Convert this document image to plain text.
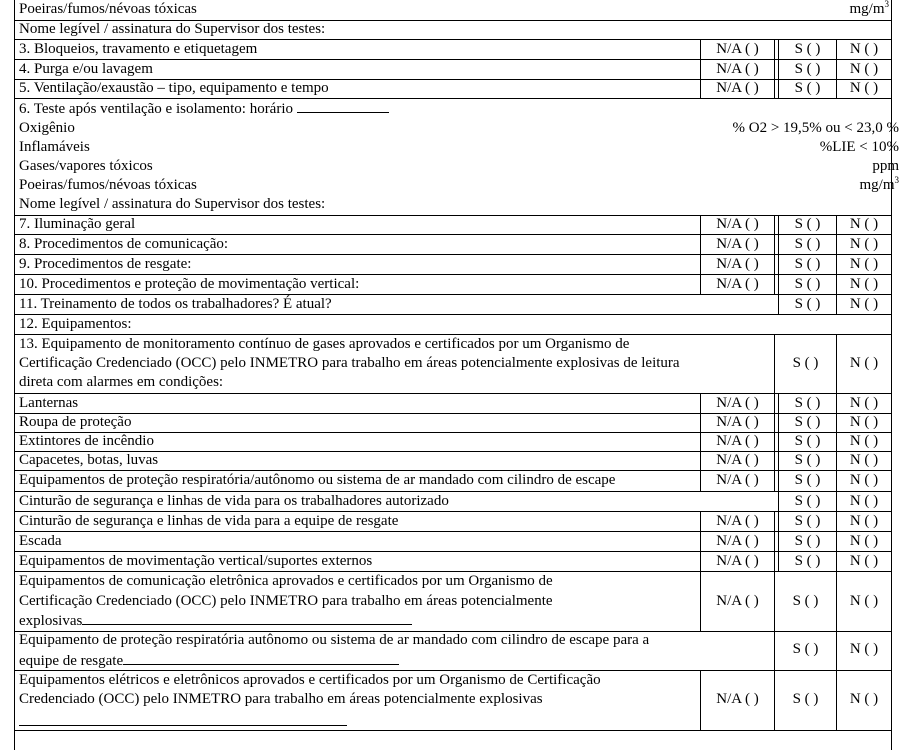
Poeiras/fumos/névoas tóxicas	$mg/m^3$
Nome legível / assinatura do Supervisor dos testes:
3. Bloqueios, travamento e etiquetagem	N/A ( )	S ( )	N ( )
4. Purga e/ou lavagem	N/A ( )	S ( )	N ( )
5. Ventilação/exaustão – tipo, equipamento e tempo	N/A ( )	S ( )	N ( )
6. Teste após ventilação e isolamento: horário
Oxigênio	% O2 > 19,5% ou < 23,0 %
Inflamáveis	%LIE < 10%
Gases/vapores tóxicos	ppm
Poeiras/fumos/névoas tóxicas	$mg/m^3$
Nome legível / assinatura do Supervisor dos testes:
7. Iluminação geral	N/A ( )	S ( )	N ( )
8. Procedimentos de comunicação:	N/A ( )	S ( )	N ( )
9. Procedimentos de resgate:	N/A ( )	S ( )	N ( )
10. Procedimentos e proteção de movimentação vertical:	N/A ( )	S ( )	N ( )
11. Treinamento de todos os trabalhadores? É atual?	S ( )	N ( )
12. Equipamentos:
13. Equipamento de monitoramento contínuo de gases aprovados e certificados por um Organismo de
Certificação Credenciado (OCC) pelo INMETRO para trabalho em áreas potencialmente explosivas de leitura
direta com alarmes em condições:
S ( )	N ( )
Lanternas	N/A ( )	S ( )	N ( )
Roupa de proteção	N/A ( )	S ( )	N ( )
Extintores de incêndio	N/A ( )	S ( )	N ( )
Capacetes, botas, luvas	N/A ( )	S ( )	N ( )
Equipamentos de proteção respiratória/autônomo ou sistema de ar mandado com cilindro de escape	N/A ( )	S ( )	N ( )
Cinturão de segurança e linhas de vida para os trabalhadores autorizado	S ( )	N ( )
Cinturão de segurança e linhas de vida para a equipe de resgate	N/A ( )	S ( )	N ( )
Escada	N/A ( )	S ( )	N ( )
Equipamentos de movimentação vertical/suportes externos	N/A ( )	S ( )	N ( )
Equipamentos de comunicação eletrônica aprovados e certificados por um Organismo de
Certificação Credenciado (OCC) pelo INMETRO para trabalho em áreas potencialmente
explosivas
N/A ( )	S ( )	N ( )
Equipamento de proteção respiratória autônomo ou sistema de ar mandado com cilindro de escape para a
equipe de resgate
S ( )	N ( )
Equipamentos elétricos e eletrônicos aprovados e certificados por um Organismo de Certificação
Credenciado (OCC) pelo INMETRO para trabalho em áreas potencialmente explosivas	N/A ( )	S ( )	N ( )
